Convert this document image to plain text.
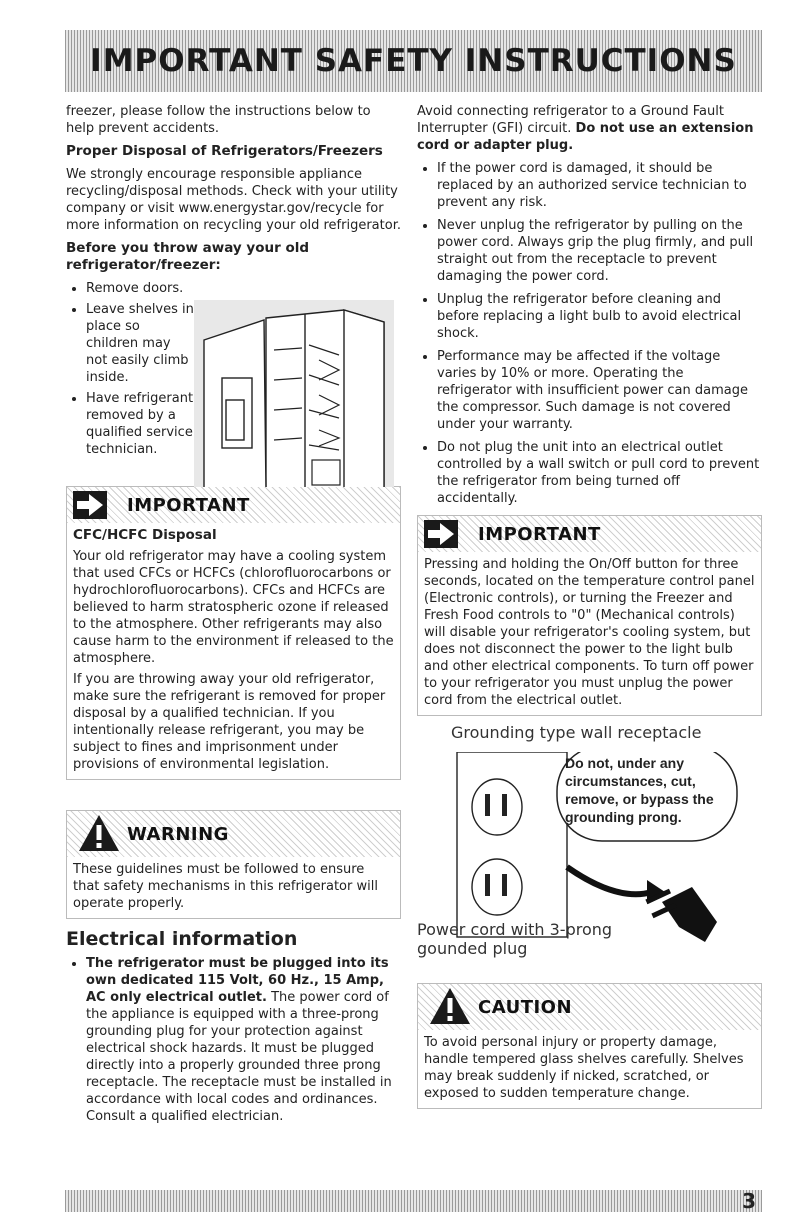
IMPORTANT SAFETY INSTRUCTIONS

freezer, please follow the instructions below to help prevent accidents.

Proper Disposal of Refrigerators/Freezers

We strongly encourage responsible appliance recycling/disposal methods. Check with your utility company or visit www.energystar.gov/recycle for more information on recycling your old refrigerator.

Before you throw away your old refrigerator/freezer:

• Remove doors.
• Leave shelves in place so children may not easily climb inside.
• Have refrigerant removed by a qualified service technician.
IMPORTANT

CFC/HCFC Disposal

Your old refrigerator may have a cooling system that used CFCs or HCFCs (chlorofluorocarbons or hydrochlorofluorocarbons). CFCs and HCFCs are believed to harm stratospheric ozone if released to the atmosphere. Other refrigerants may also cause harm to the environment if released to the atmosphere.

If you are throwing away your old refrigerator, make sure the refrigerant is removed for proper disposal by a qualified technician. If you intentionally release refrigerant, you may be subject to fines and imprisonment under provisions of environmental legislation.

WARNING

These guidelines must be followed to ensure that safety mechanisms in this refrigerator will operate properly.

Electrical information

• The refrigerator must be plugged into its own dedicated 115 Volt, 60 Hz., 15 Amp, AC only electrical outlet. The power cord of the appliance is equipped with a three-prong grounding plug for your protection against electrical shock hazards. It must be plugged directly into a properly grounded three prong receptacle. The receptacle must be installed in accordance with local codes and ordinances. Consult a qualified electrician.

Avoid connecting refrigerator to a Ground Fault Interrupter (GFI) circuit. Do not use an extension cord or adapter plug.

• If the power cord is damaged, it should be replaced by an authorized service technician to prevent any risk.
• Never unplug the refrigerator by pulling on the power cord. Always grip the plug firmly, and pull straight out from the receptacle to prevent damaging the power cord.
• Unplug the refrigerator before cleaning and before replacing a light bulb to avoid electrical shock.
• Performance may be affected if the voltage varies by 10% or more. Operating the refrigerator with insufficient power can damage the compressor. Such damage is not covered under your warranty.
• Do not plug the unit into an electrical outlet controlled by a wall switch or pull cord to prevent the refrigerator from being turned off accidentally.
IMPORTANT

Pressing and holding the On/Off button for three seconds, located on the temperature control panel (Electronic controls), or turning the Freezer and Fresh Food controls to "0" (Mechanical controls) will disable your refrigerator's cooling system, but does not disconnect the power to the light bulb and other electrical components. To turn off power to your refrigerator you must unplug the power cord from the electrical outlet.

Grounding type wall receptacle

Do not, under any circumstances, cut, remove, or bypass the grounding prong.

Power cord with 3-prong gounded plug

CAUTION

To avoid personal injury or property damage, handle tempered glass shelves carefully. Shelves may break suddenly if nicked, scratched, or exposed to sudden temperature change.

3
